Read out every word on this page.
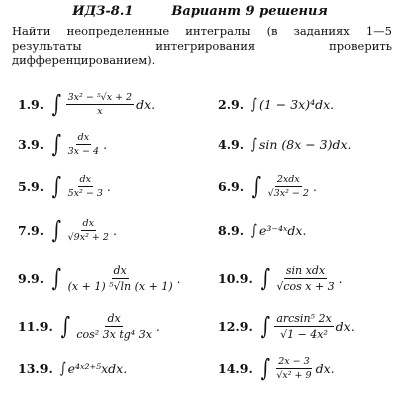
ИДЗ-8.1	Вариант 9 решения
Найти неопределенные интегралы (в заданиях 1—5 результаты интегрирования проверить дифференцированием).
1.9. ∫ $\frac{\text{3x² − ⁵√x + 2}}{x}$ dx.
3.9. ∫ $\frac{dx}{3x - 4}$ .
5.9. ∫ $\frac{dx}{\text{5x² − 3}}$ .
7.9. ∫ $\frac{dx}{\text{√9x² + 2}}$ .
9.9. ∫ $\frac{dx}{\text{(x + 1) ⁵√ln (x + 1)}}$ .
11.9. ∫ $\frac{dx}{\text{cos² 3x tg⁴ 3x}}$ .
13.9. ∫ e⁴ˣ²⁺⁵xdx.
2.9. ∫ (1 − 3x)⁴dx.
4.9. ∫ sin (8x − 3)dx.
6.9. ∫ $\frac{\text{2xdx}}{\text{√3x² − 2}}$ .
8.9. ∫ e³⁻⁴ˣdx.
10.9. ∫ $\frac{\text{sin xdx}}{\text{√cos x + 3}}$ .
12.9. ∫ $\frac{\text{arcsin⁵ 2x}}{\text{√1 − 4x²}}$ dx.
14.9. ∫ $\frac{2x - 3}{\text{√x² + 9}}$ dx.
